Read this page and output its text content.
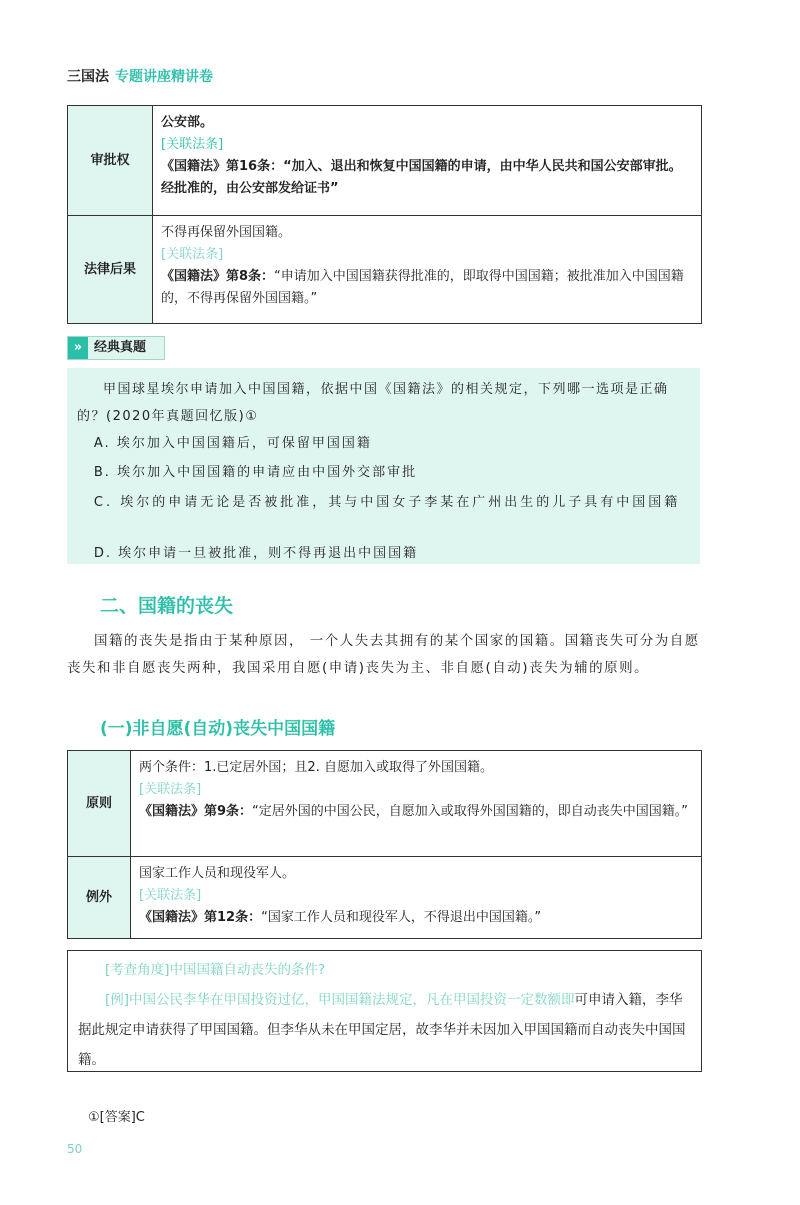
三国法 专题讲座精讲卷
审批权	公安部。
[关联法条]
《国籍法》第16条：“加入、退出和恢复中国国籍的申请，由中华人民共和国公安部审批。经批准的，由公安部发给证书”

法律后果	不得再保留外国国籍。
[关联法条]
《国籍法》第8条：“申请加入中国国籍获得批准的，即取得中国国籍；被批准加入中国国籍的，不得再保留外国国籍。”
» 经典真题
甲国球星埃尔申请加入中国国籍，依据中国《国籍法》的相关规定，下列哪一选项是正确的？(2020年真题回忆版)①
A. 埃尔加入中国国籍后，可保留甲国国籍
B. 埃尔加入中国国籍的申请应由中国外交部审批
C. 埃尔的申请无论是否被批准，其与中国女子李某在广州出生的儿子具有中国国籍
D. 埃尔申请一旦被批准，则不得再退出中国国籍
二、国籍的丧失
国籍的丧失是指由于某种原因， 一个人失去其拥有的某个国家的国籍。国籍丧失可分为自愿丧失和非自愿丧失两种，我国采用自愿(申请)丧失为主、非自愿(自动)丧失为辅的原则。
(一)非自愿(自动)丧失中国国籍
原则	两个条件：1.已定居外国；且2. 自愿加入或取得了外国国籍。
[关联法条]
《国籍法》第9条：“定居外国的中国公民，自愿加入或取得外国国籍的，即自动丧失中国国籍。”

例外	国家工作人员和现役军人。
[关联法条]
《国籍法》第12条：“国家工作人员和现役军人，不得退出中国国籍。”
[考查角度]中国国籍自动丧失的条件?
[例]中国公民李华在甲国投资过亿，甲国国籍法规定，凡在甲国投资一定数额即可申请入籍，李华据此规定申请获得了甲国国籍。但李华从未在甲国定居，故李华并未因加入甲国国籍而自动丧失中国国籍。
①[答案]C
50
